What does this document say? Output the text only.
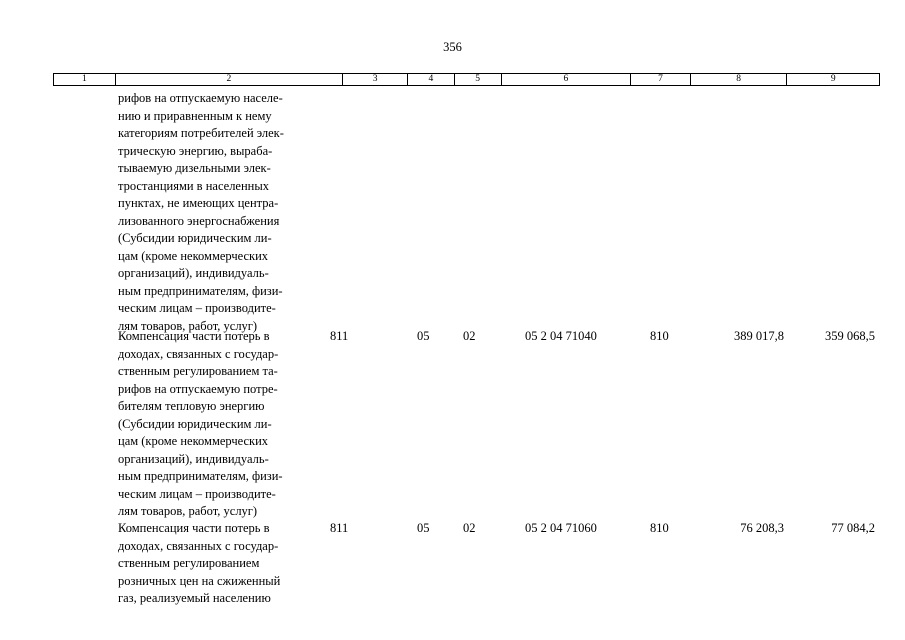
356
1	2	3	4	5	6	7	8	9
рифов на отпускаемую населе-
нию и приравненным к нему
категориям потребителей элек-
трическую энергию, выраба-
тываемую дизельными элек-
тростанциями в населенных
пунктах, не имеющих центра-
лизованного энергоснабжения
(Субсидии юридическим ли-
цам (кроме некоммерческих
организаций), индивидуаль-
ным предпринимателям, физи-
ческим лицам – производите-
лям товаров, работ, услуг)
Компенсация части потерь в
доходах, связанных с государ-
ственным регулированием та-
рифов на отпускаемую потре-
бителям тепловую энергию
(Субсидии юридическим ли-
цам (кроме некоммерческих
организаций), индивидуаль-
ным предпринимателям, физи-
ческим лицам – производите-
лям товаров, работ, услуг)
811	05	02	05 2 04 71040	810	389 017,8	359 068,5
Компенсация части потерь в
доходах, связанных с государ-
ственным регулированием
розничных цен на сжиженный
газ, реализуемый населению
811	05	02	05 2 04 71060	810	76 208,3	77 084,2
